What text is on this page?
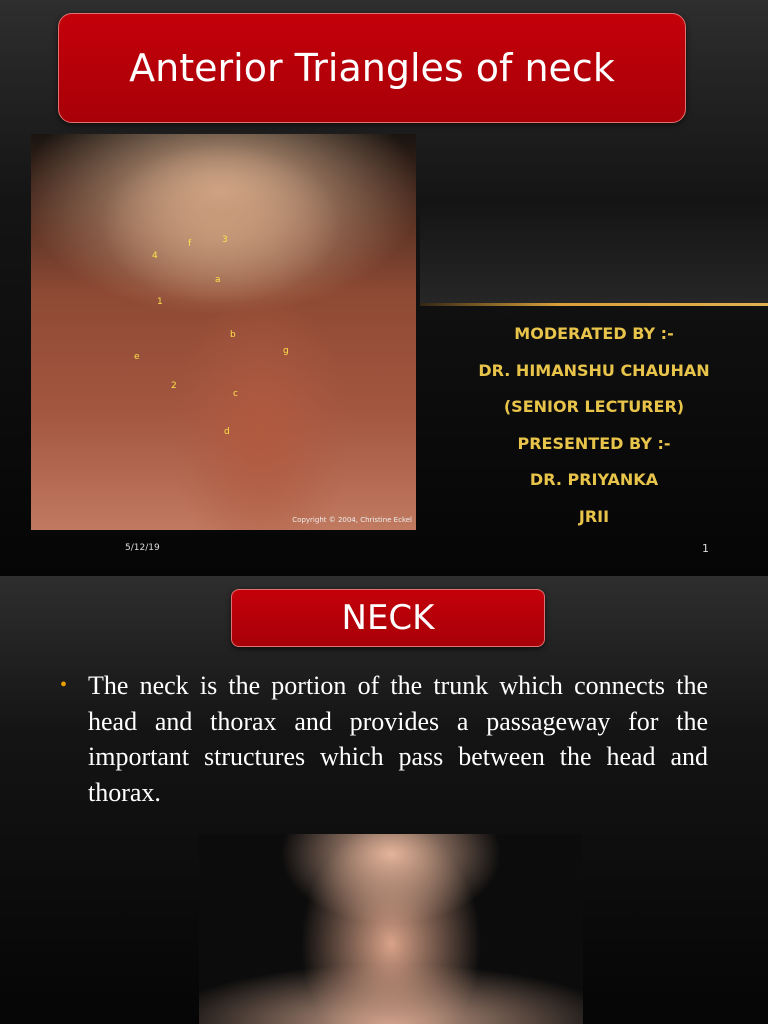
Anterior Triangles of neck
4
f	3
a
1
b
g
e
2
c
d
Copyright © 2004, Christine Eckel
MODERATED BY :-
DR. HIMANSHU CHAUHAN
(SENIOR LECTURER)
PRESENTED BY :-
DR. PRIYANKA
JRII
5/12/19	1
NECK
• The neck is the portion of the trunk which connects the head and thorax and provides a passageway for the important structures which pass between the head and thorax.
